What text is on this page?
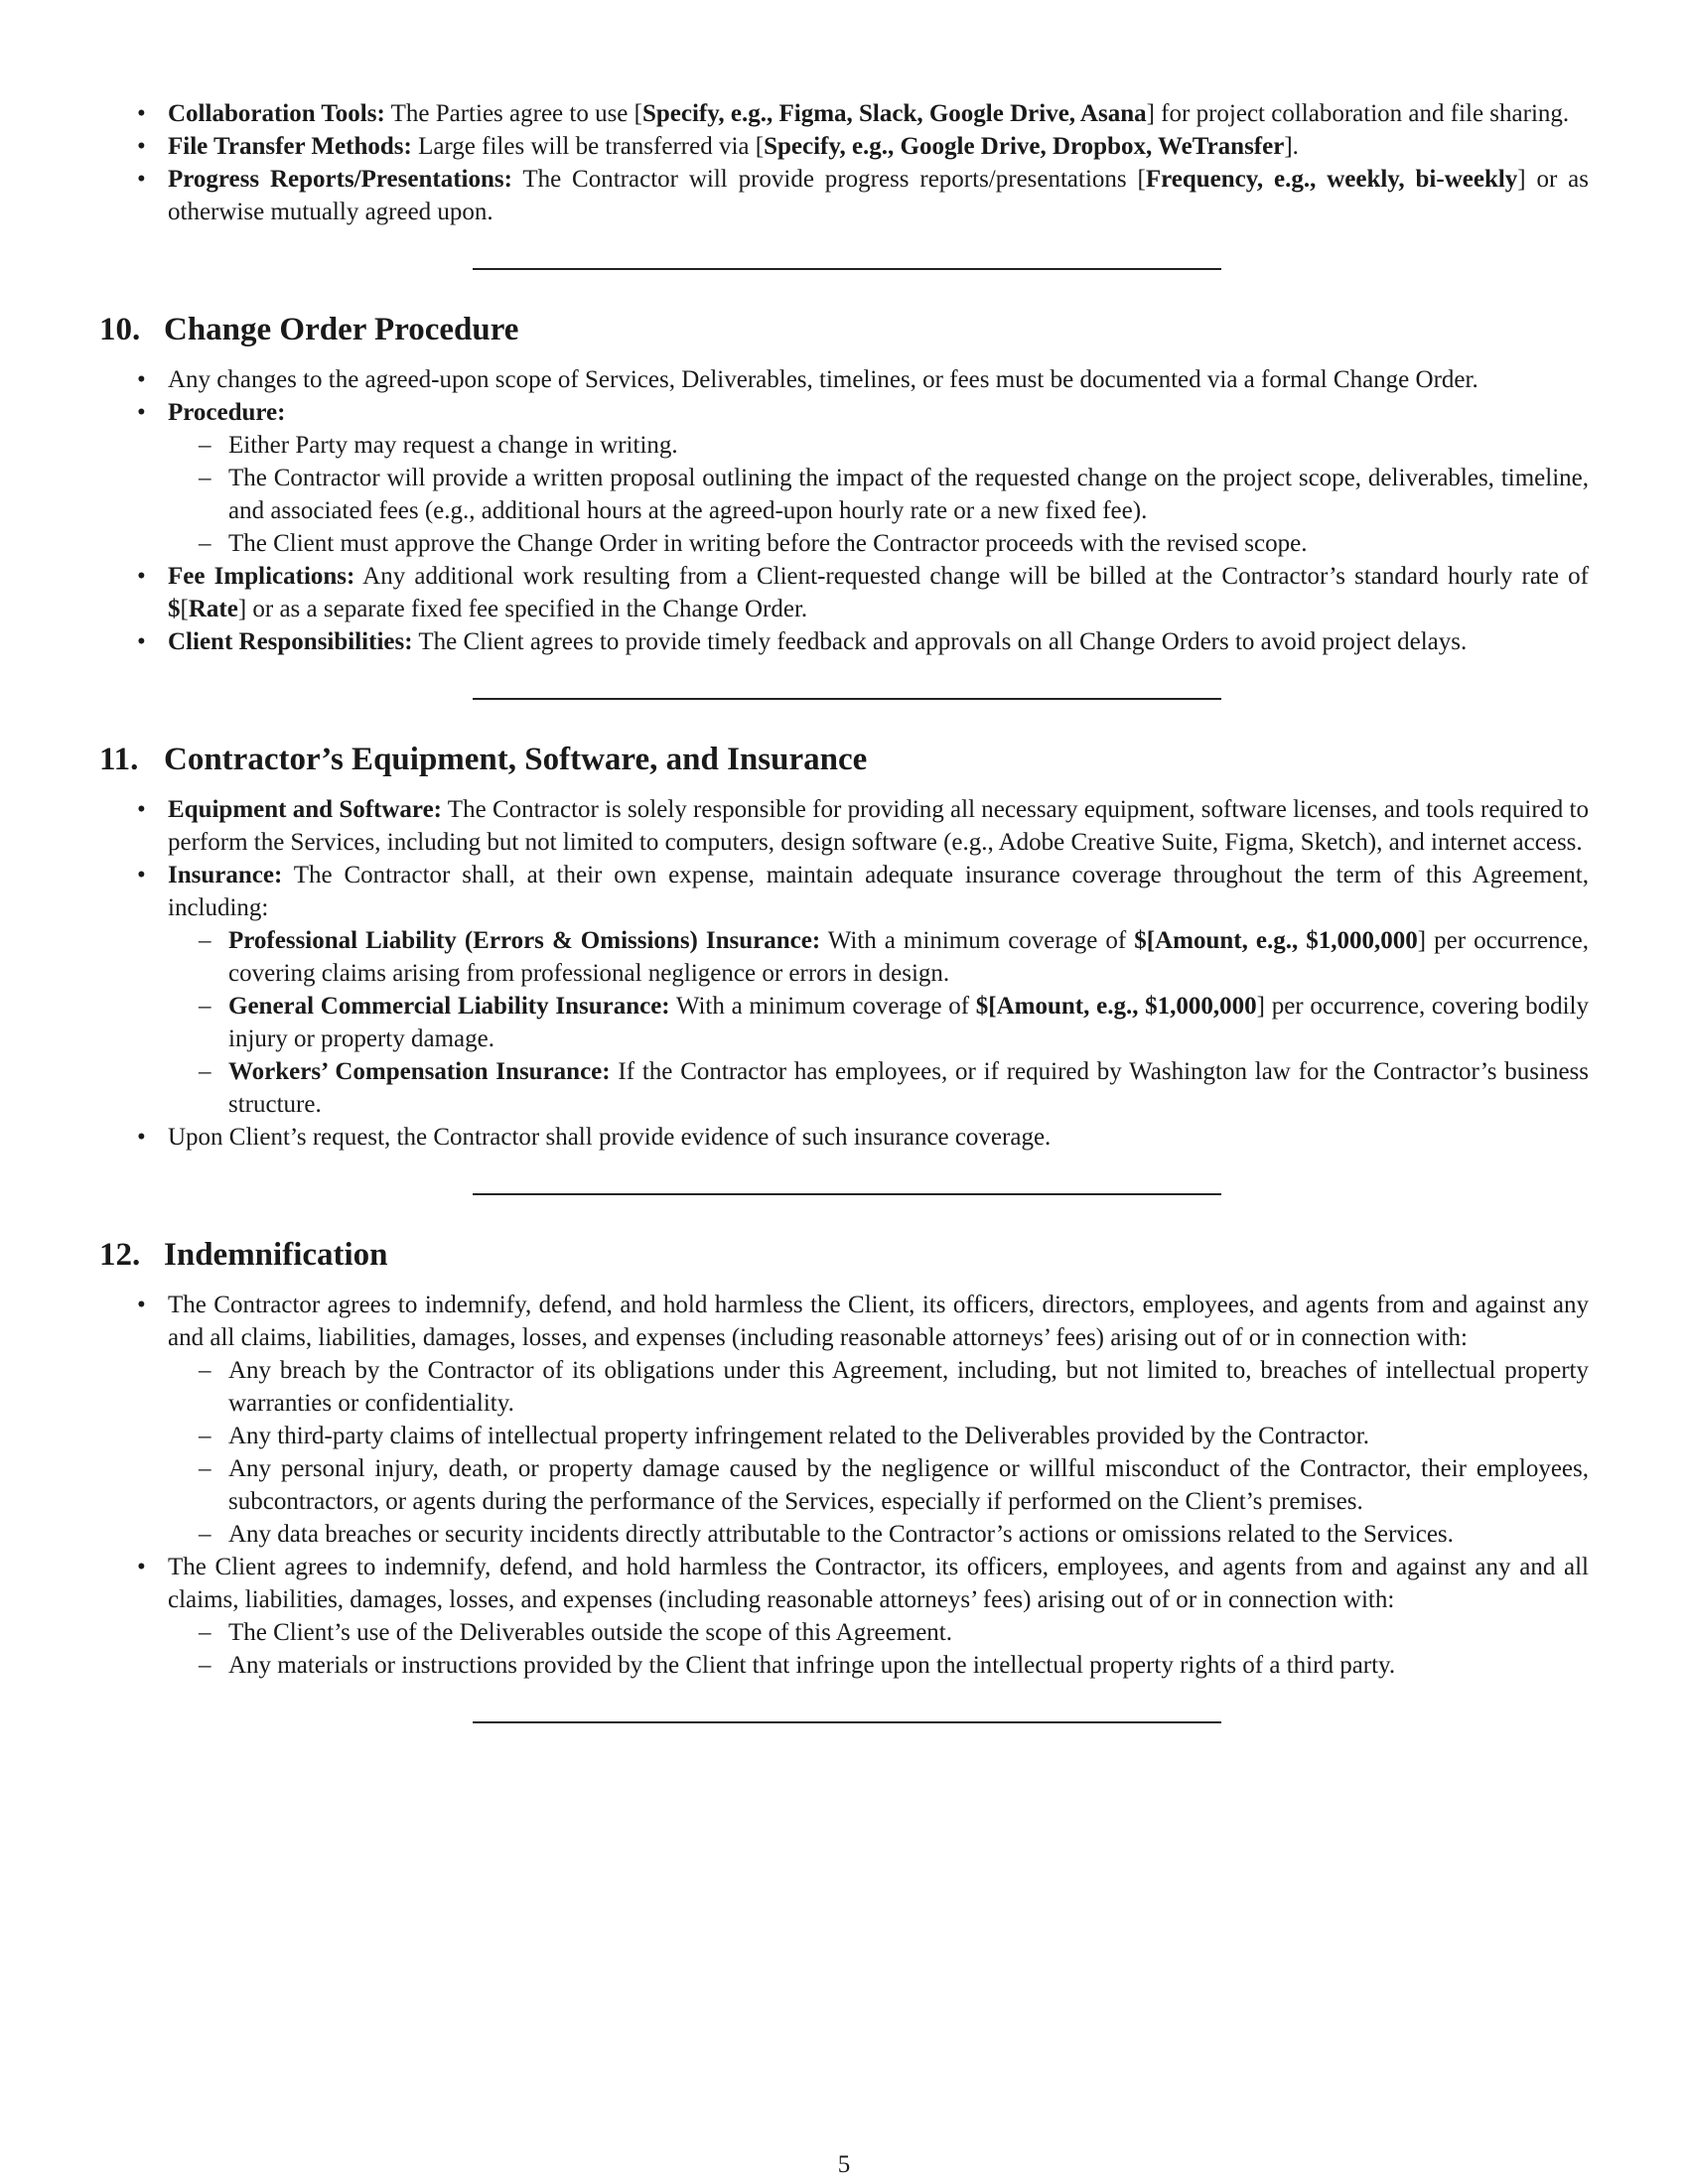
• Collaboration Tools: The Parties agree to use [Specify, e.g., Figma, Slack, Google Drive, Asana] for project collaboration and file sharing.
• File Transfer Methods: Large files will be transferred via [Specify, e.g., Google Drive, Dropbox, WeTransfer].
• Progress Reports/Presentations: The Contractor will provide progress reports/presentations [Frequency, e.g., weekly, bi-weekly] or as otherwise mutually agreed upon.
10. Change Order Procedure
• Any changes to the agreed-upon scope of Services, Deliverables, timelines, or fees must be documented via a formal Change Order.
• Procedure:
– Either Party may request a change in writing.
– The Contractor will provide a written proposal outlining the impact of the requested change on the project scope, deliverables, timeline, and associated fees (e.g., additional hours at the agreed-upon hourly rate or a new fixed fee).
– The Client must approve the Change Order in writing before the Contractor proceeds with the revised scope.
• Fee Implications: Any additional work resulting from a Client-requested change will be billed at the Contractor’s standard hourly rate of $[Rate] or as a separate fixed fee specified in the Change Order.
• Client Responsibilities: The Client agrees to provide timely feedback and approvals on all Change Orders to avoid project delays.
11. Contractor’s Equipment, Software, and Insurance
• Equipment and Software: The Contractor is solely responsible for providing all necessary equipment, software licenses, and tools required to perform the Services, including but not limited to computers, design software (e.g., Adobe Creative Suite, Figma, Sketch), and internet access.
• Insurance: The Contractor shall, at their own expense, maintain adequate insurance coverage throughout the term of this Agreement, including:
– Professional Liability (Errors & Omissions) Insurance: With a minimum coverage of $[Amount, e.g., $1,000,000] per occurrence, covering claims arising from professional negligence or errors in design.
– General Commercial Liability Insurance: With a minimum coverage of $[Amount, e.g., $1,000,000] per occurrence, covering bodily injury or property damage.
– Workers’ Compensation Insurance: If the Contractor has employees, or if required by Washington law for the Contractor’s business structure.
• Upon Client’s request, the Contractor shall provide evidence of such insurance coverage.
12. Indemnification
• The Contractor agrees to indemnify, defend, and hold harmless the Client, its officers, directors, employees, and agents from and against any and all claims, liabilities, damages, losses, and expenses (including reasonable attorneys’ fees) arising out of or in connection with:
– Any breach by the Contractor of its obligations under this Agreement, including, but not limited to, breaches of intellectual property warranties or confidentiality.
– Any third-party claims of intellectual property infringement related to the Deliverables provided by the Contractor.
– Any personal injury, death, or property damage caused by the negligence or willful misconduct of the Contractor, their employees, subcontractors, or agents during the performance of the Services, especially if performed on the Client’s premises.
– Any data breaches or security incidents directly attributable to the Contractor’s actions or omissions related to the Services.
• The Client agrees to indemnify, defend, and hold harmless the Contractor, its officers, employees, and agents from and against any and all claims, liabilities, damages, losses, and expenses (including reasonable attorneys’ fees) arising out of or in connection with:
– The Client’s use of the Deliverables outside the scope of this Agreement.
– Any materials or instructions provided by the Client that infringe upon the intellectual property rights of a third party.
5
